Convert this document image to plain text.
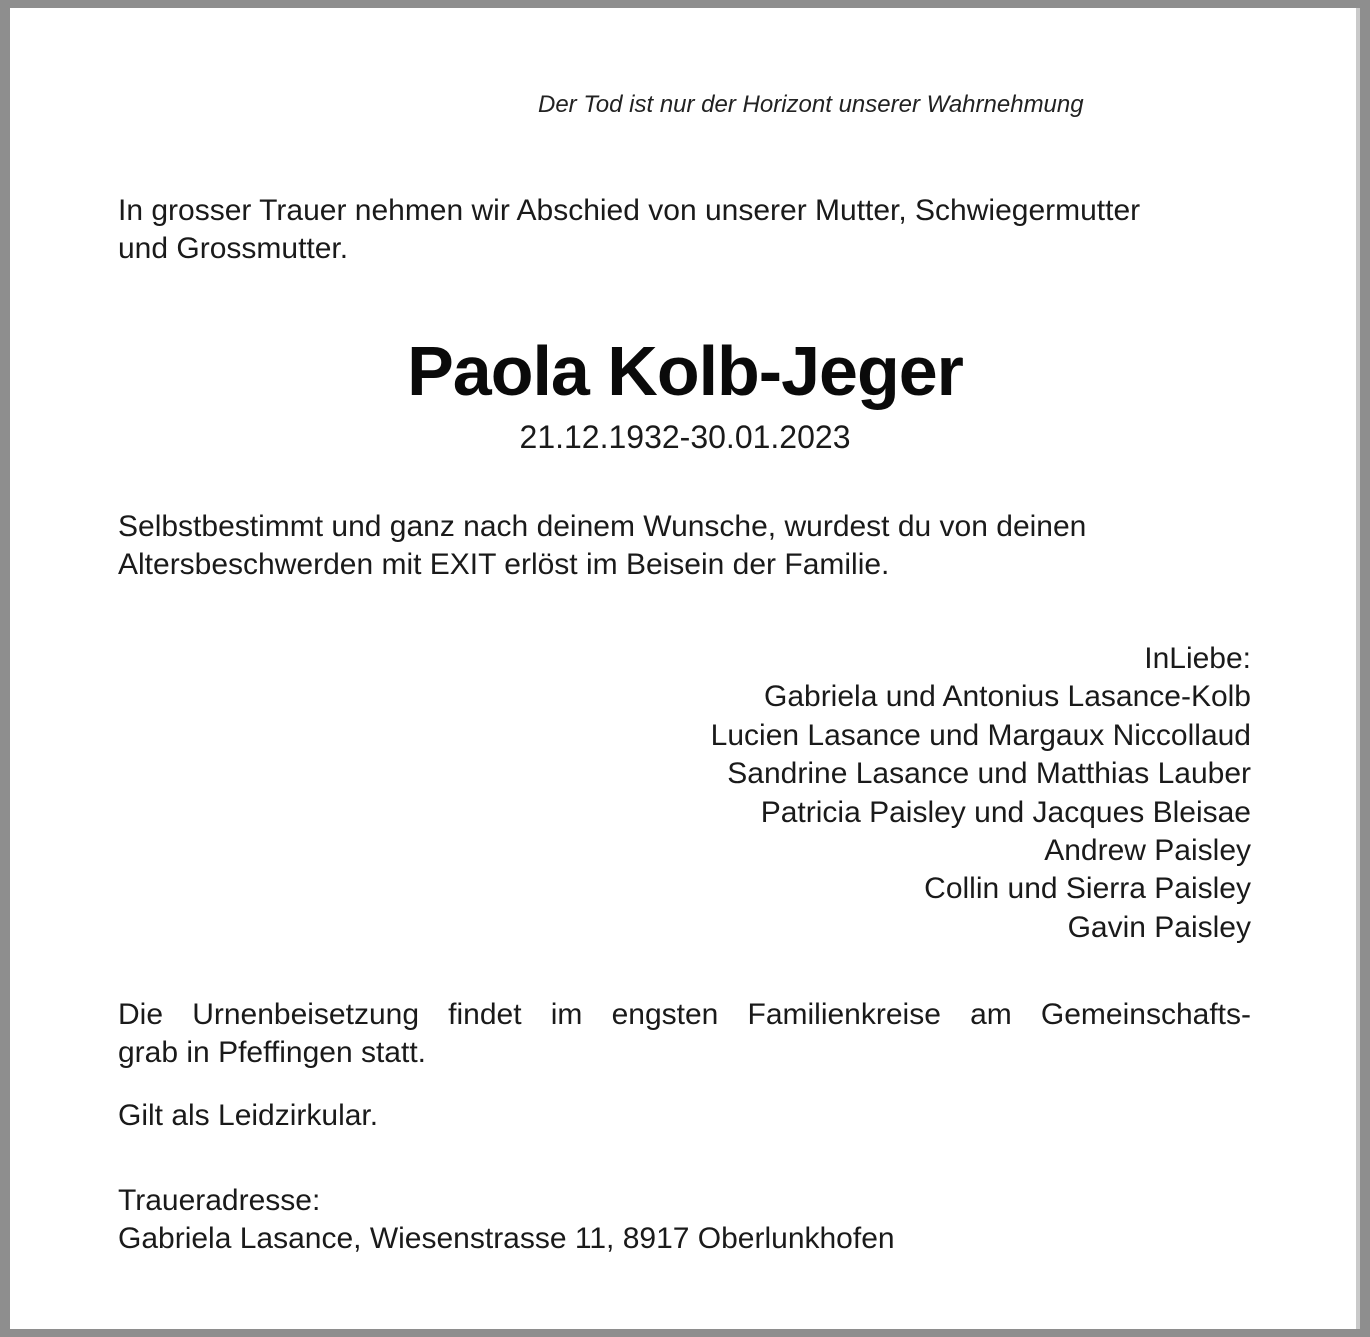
Der Tod ist nur der Horizont unserer Wahrnehmung
In grosser Trauer nehmen wir Abschied von unserer Mutter, Schwiegermutter
und Grossmutter.
Paola Kolb-Jeger
21.12.1932-30.01.2023
Selbstbestimmt und ganz nach deinem Wunsche, wurdest du von deinen
Altersbeschwerden mit EXIT erlöst im Beisein der Familie.
InLiebe:
Gabriela und Antonius Lasance-Kolb
Lucien Lasance und Margaux Niccollaud
Sandrine Lasance und Matthias Lauber
Patricia Paisley und Jacques Bleisae
Andrew Paisley
Collin und Sierra Paisley
Gavin Paisley
Die Urnenbeisetzung findet im engsten Familienkreise am Gemeinschafts-
grab in Pfeffingen statt.
Gilt als Leidzirkular.
Traueradresse:
Gabriela Lasance, Wiesenstrasse 11, 8917 Oberlunkhofen
